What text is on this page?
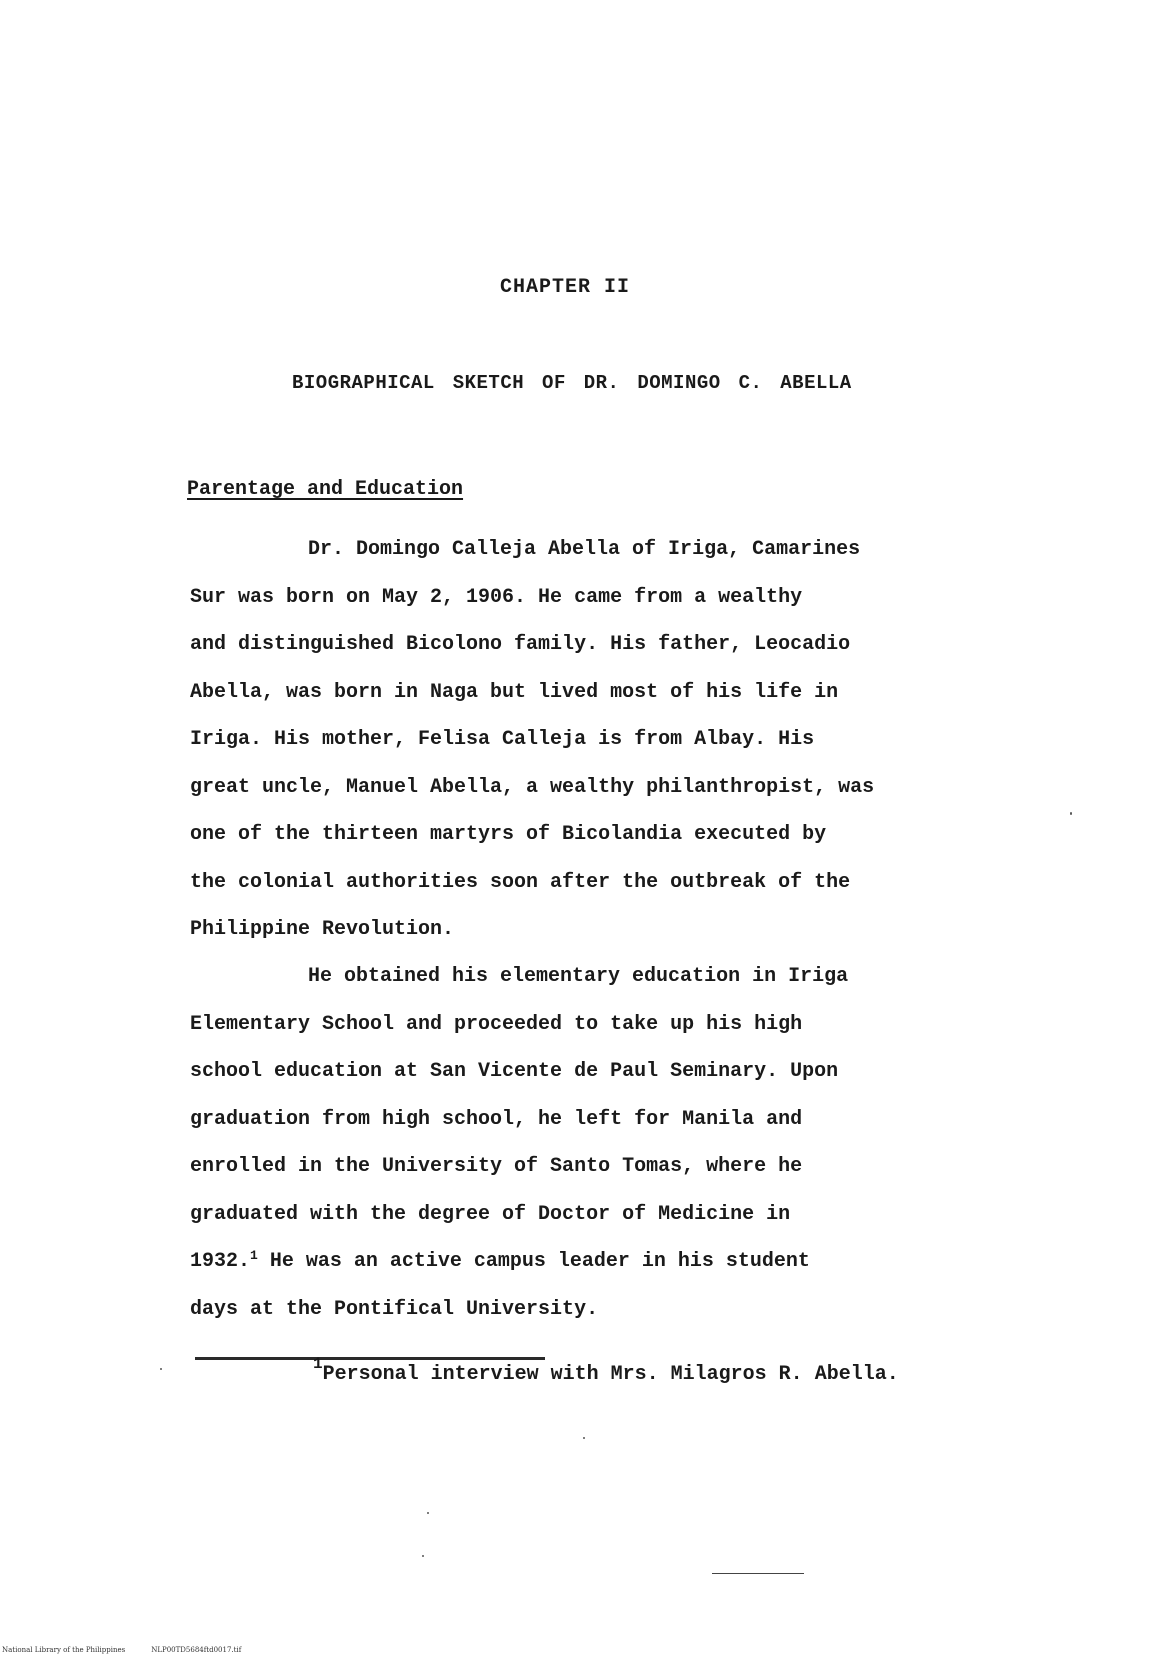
CHAPTER II
BIOGRAPHICAL SKETCH OF DR. DOMINGO C. ABELLA
Parentage and Education
Dr. Domingo Calleja Abella of Iriga, Camarines
Sur was born on May 2, 1906. He came from a wealthy
and distinguished Bicolono family. His father, Leocadio
Abella, was born in Naga but lived most of his life in
Iriga. His mother, Felisa Calleja is from Albay. His
great uncle, Manuel Abella, a wealthy philanthropist, was
one of the thirteen martyrs of Bicolandia executed by
the colonial authorities soon after the outbreak of the
Philippine Revolution.
He obtained his elementary education in Iriga
Elementary School and proceeded to take up his high
school education at San Vicente de Paul Seminary. Upon
graduation from high school, he left for Manila and
enrolled in the University of Santo Tomas, where he
graduated with the degree of Doctor of Medicine in
1932.$^1$ He was an active campus leader in his student
days at the Pontifical University.
$^1$Personal interview with Mrs. Milagros R. Abella.
National Library of the Philippines	NLP00TD5684ftd0017.tif
